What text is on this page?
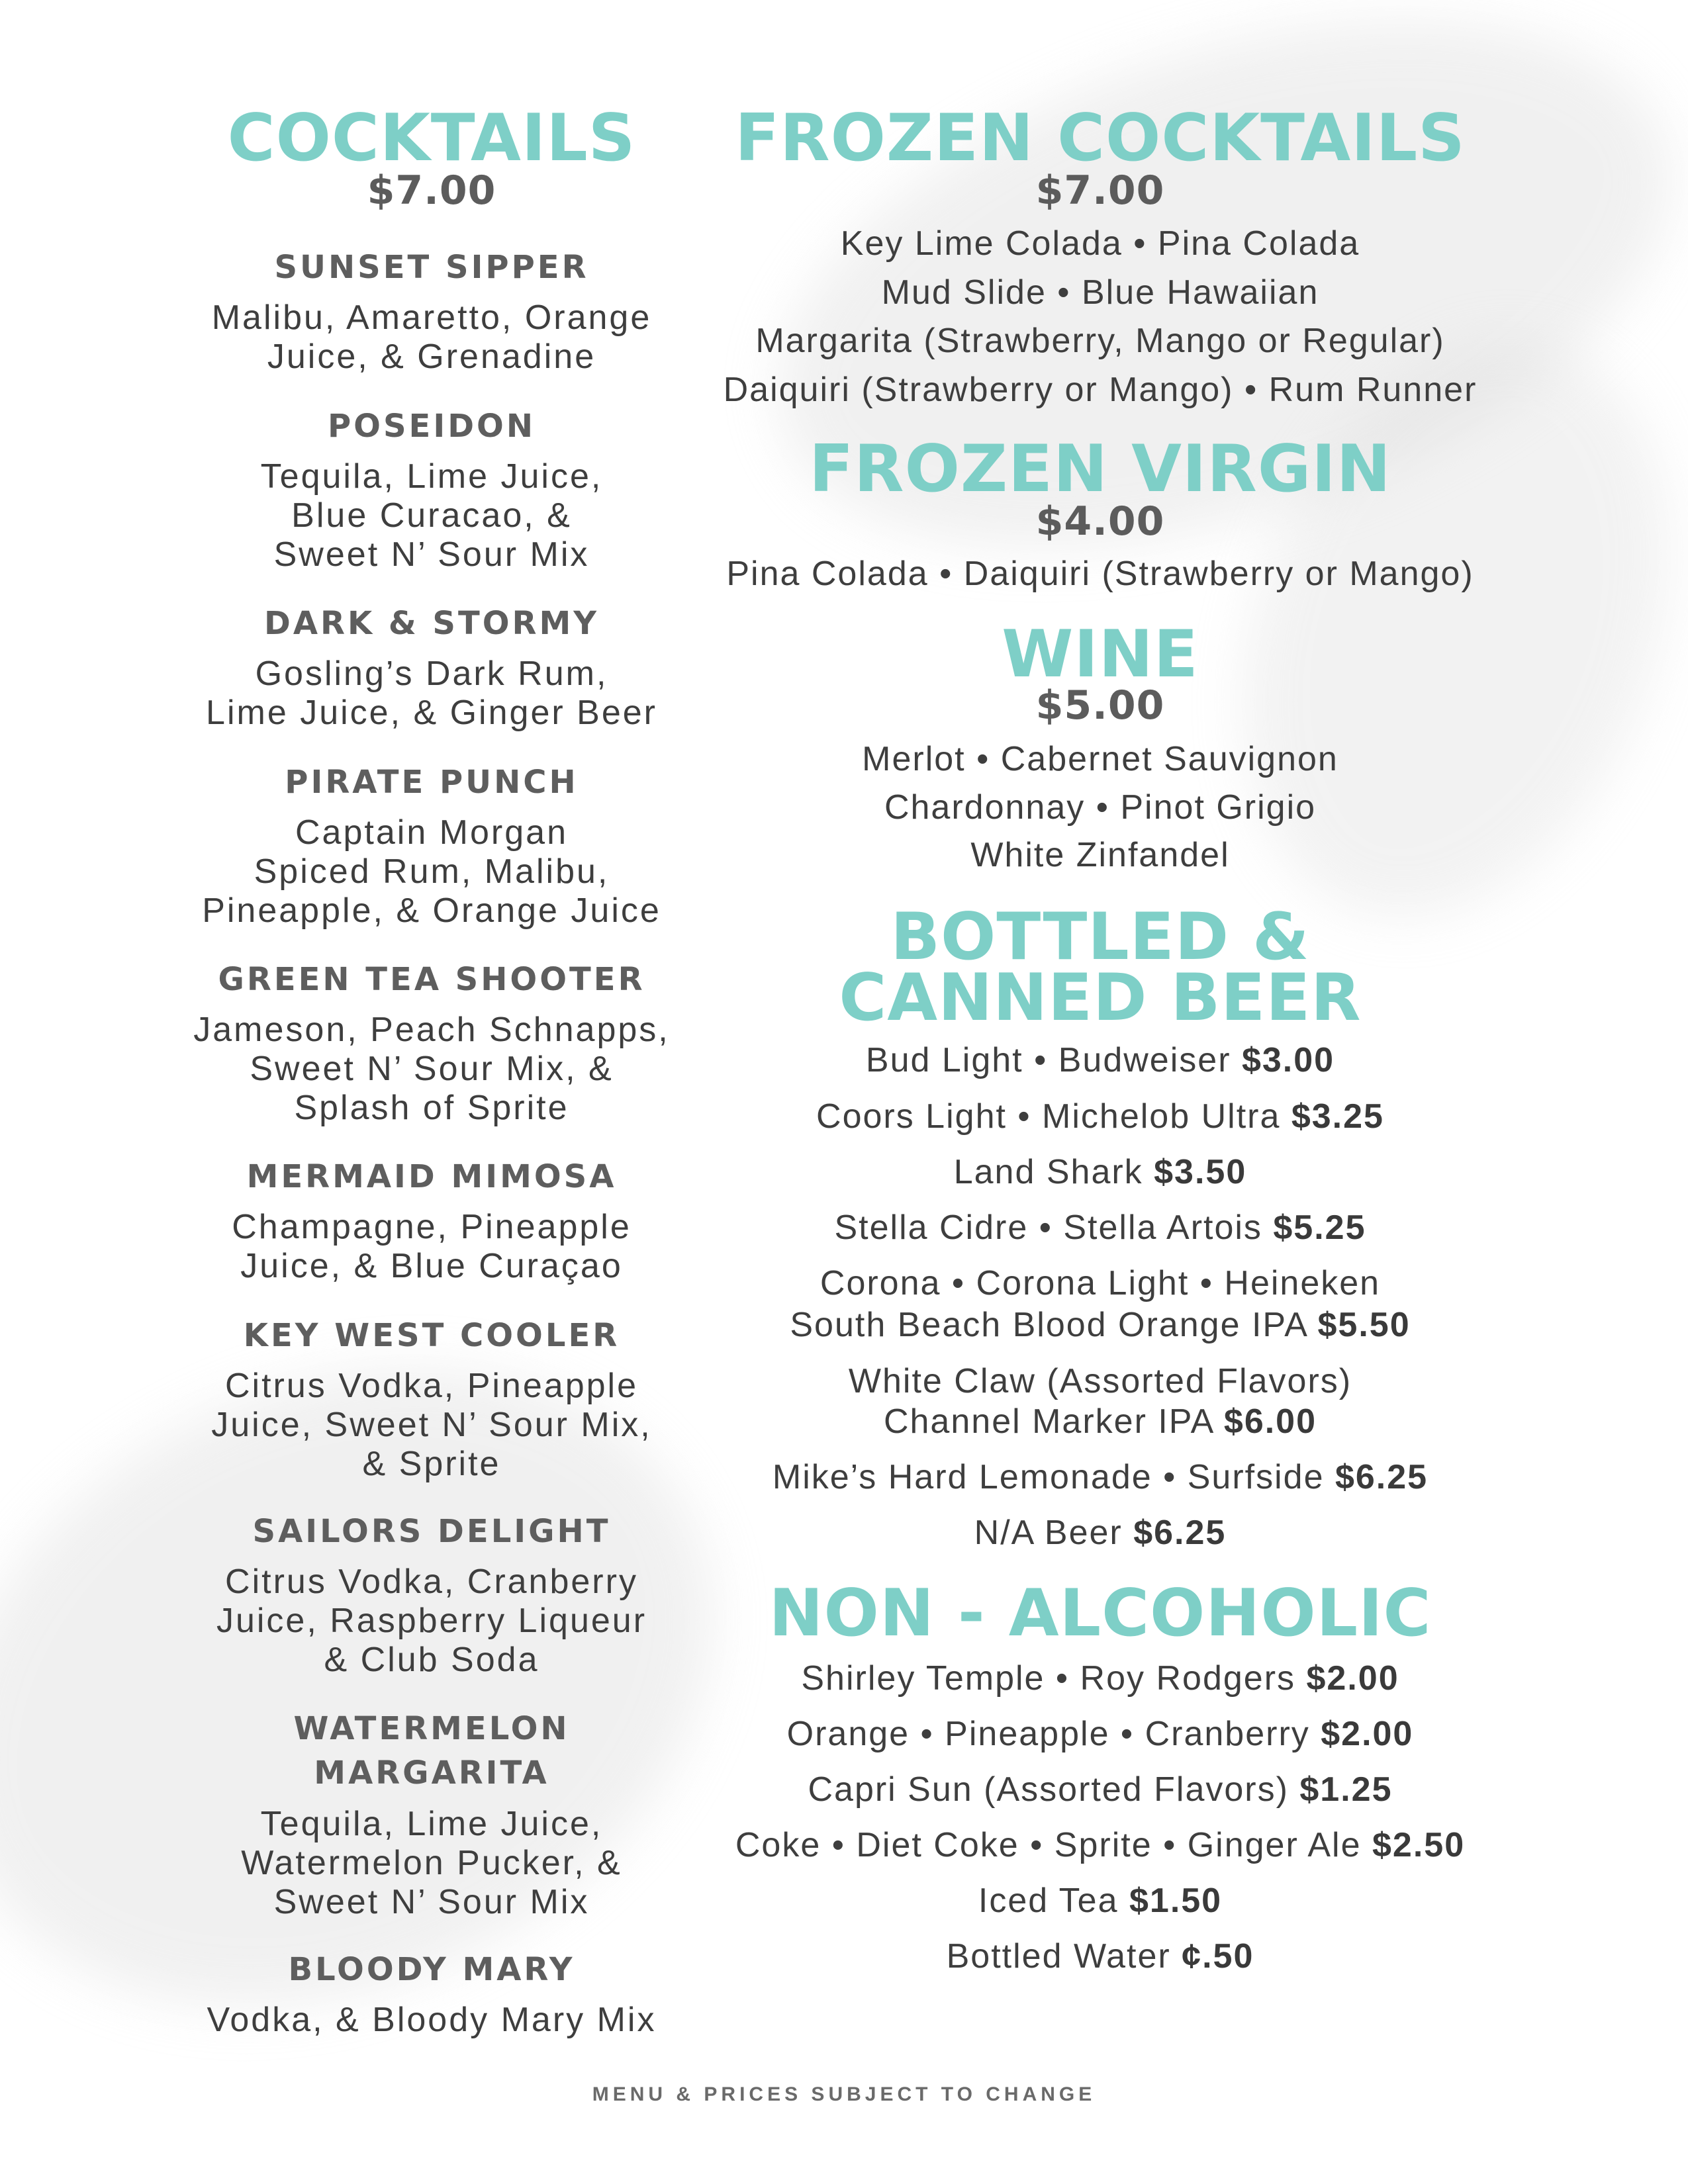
COCKTAILS
$7.00
SUNSET SIPPER
Malibu, Amaretto, Orange
Juice, & Grenadine
POSEIDON
Tequila, Lime Juice,
Blue Curacao, &
Sweet N’ Sour Mix
DARK & STORMY
Gosling’s Dark Rum,
Lime Juice, & Ginger Beer
PIRATE PUNCH
Captain Morgan
Spiced Rum, Malibu,
Pineapple, & Orange Juice
GREEN TEA SHOOTER
Jameson, Peach Schnapps,
Sweet N’ Sour Mix, &
Splash of Sprite
MERMAID MIMOSA
Champagne, Pineapple
Juice, & Blue Curaçao
KEY WEST COOLER
Citrus Vodka, Pineapple
Juice, Sweet N’ Sour Mix,
& Sprite
SAILORS DELIGHT
Citrus Vodka, Cranberry
Juice, Raspberry Liqueur
& Club Soda
WATERMELON
MARGARITA
Tequila, Lime Juice,
Watermelon Pucker, &
Sweet N’ Sour Mix
BLOODY MARY
Vodka, & Bloody Mary Mix
FROZEN COCKTAILS
$7.00
Key Lime Colada • Pina Colada
Mud Slide • Blue Hawaiian
Margarita (Strawberry, Mango or Regular)
Daiquiri (Strawberry or Mango) • Rum Runner
FROZEN VIRGIN
$4.00
Pina Colada • Daiquiri (Strawberry or Mango)
WINE
$5.00
Merlot • Cabernet Sauvignon
Chardonnay • Pinot Grigio
White Zinfandel
BOTTLED &
CANNED BEER
Bud Light • Budweiser $3.00
Coors Light • Michelob Ultra $3.25
Land Shark $3.50
Stella Cidre • Stella Artois $5.25
Corona • Corona Light • Heineken
South Beach Blood Orange IPA $5.50
White Claw (Assorted Flavors)
Channel Marker IPA $6.00
Mike’s Hard Lemonade • Surfside $6.25
N/A Beer $6.25
NON - ALCOHOLIC
Shirley Temple • Roy Rodgers $2.00
Orange • Pineapple • Cranberry $2.00
Capri Sun (Assorted Flavors) $1.25
Coke • Diet Coke • Sprite • Ginger Ale $2.50
Iced Tea $1.50
Bottled Water ¢.50
MENU & PRICES SUBJECT TO CHANGE
